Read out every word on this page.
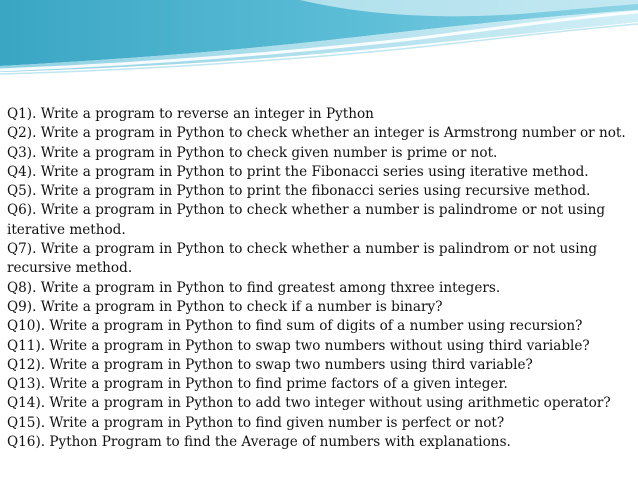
Q1). Write a program to reverse an integer in Python

Q2). Write a program in Python to check whether an integer is Armstrong number or not.

Q3). Write a program in Python to check given number is prime or not.

Q4). Write a program in Python to print the Fibonacci series using iterative method.

Q5). Write a program in Python to print the fibonacci series using recursive method.

Q6). Write a program in Python to check whether a number is palindrome or not using iterative method.

Q7). Write a program in Python to check whether a number is palindrom or not using recursive method.

Q8). Write a program in Python to find greatest among thxree integers.

Q9). Write a program in Python to check if a number is binary?

Q10). Write a program in Python to find sum of digits of a number using recursion?

Q11). Write a program in Python to swap two numbers without using third variable?

Q12). Write a program in Python to swap two numbers using third variable?

Q13). Write a program in Python to find prime factors of a given integer.

Q14). Write a program in Python to add two integer without using arithmetic operator?

Q15). Write a program in Python to find given number is perfect or not?

Q16). Python Program to find the Average of numbers with explanations.
